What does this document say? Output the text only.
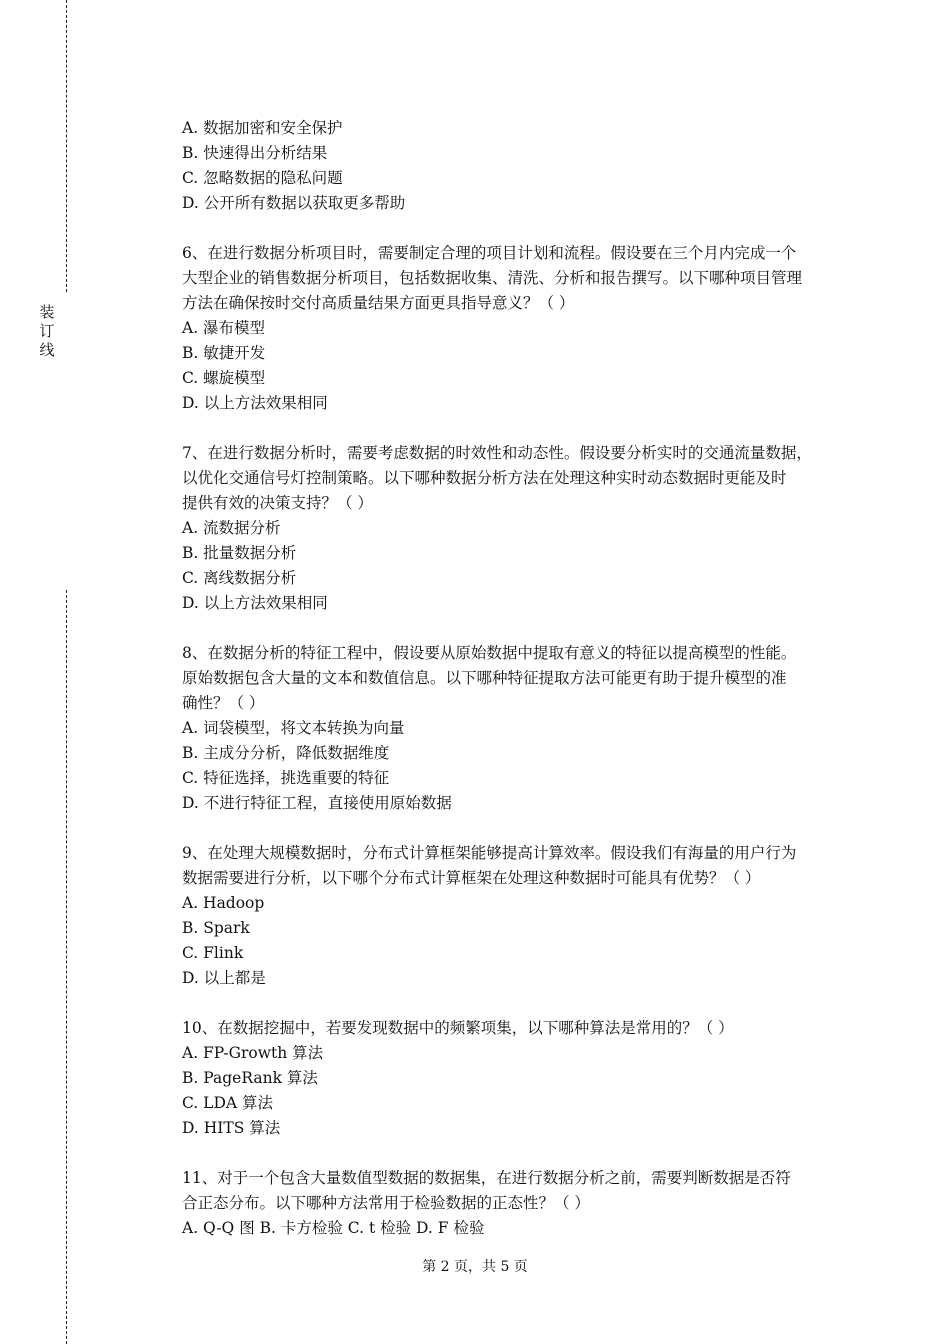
装
订
线

A. 数据加密和安全保护

B. 快速得出分析结果

C. 忽略数据的隐私问题

D. 公开所有数据以获取更多帮助

6、在进行数据分析项目时，需要制定合理的项目计划和流程。假设要在三个月内完成一个

大型企业的销售数据分析项目，包括数据收集、清洗、分析和报告撰写。以下哪种项目管理

方法在确保按时交付高质量结果方面更具指导意义？（ ）

A. 瀑布模型

B. 敏捷开发

C. 螺旋模型

D. 以上方法效果相同

7、在进行数据分析时，需要考虑数据的时效性和动态性。假设要分析实时的交通流量数据，

以优化交通信号灯控制策略。以下哪种数据分析方法在处理这种实时动态数据时更能及时

提供有效的决策支持？（ ）

A. 流数据分析

B. 批量数据分析

C. 离线数据分析

D. 以上方法效果相同

8、在数据分析的特征工程中，假设要从原始数据中提取有意义的特征以提高模型的性能。

原始数据包含大量的文本和数值信息。以下哪种特征提取方法可能更有助于提升模型的准

确性？（ ）

A. 词袋模型，将文本转换为向量

B. 主成分分析，降低数据维度

C. 特征选择，挑选重要的特征

D. 不进行特征工程，直接使用原始数据

9、在处理大规模数据时，分布式计算框架能够提高计算效率。假设我们有海量的用户行为

数据需要进行分析，以下哪个分布式计算框架在处理这种数据时可能具有优势？（ ）

A. Hadoop

B. Spark

C. Flink

D. 以上都是

10、在数据挖掘中，若要发现数据中的频繁项集，以下哪种算法是常用的？（ ）

A. FP-Growth 算法

B. PageRank 算法

C. LDA 算法

D. HITS 算法

11、对于一个包含大量数值型数据的数据集，在进行数据分析之前，需要判断数据是否符

合正态分布。以下哪种方法常用于检验数据的正态性？（ ）

A. Q-Q 图 B. 卡方检验 C. t 检验 D. F 检验

第 2 页，共 5 页
